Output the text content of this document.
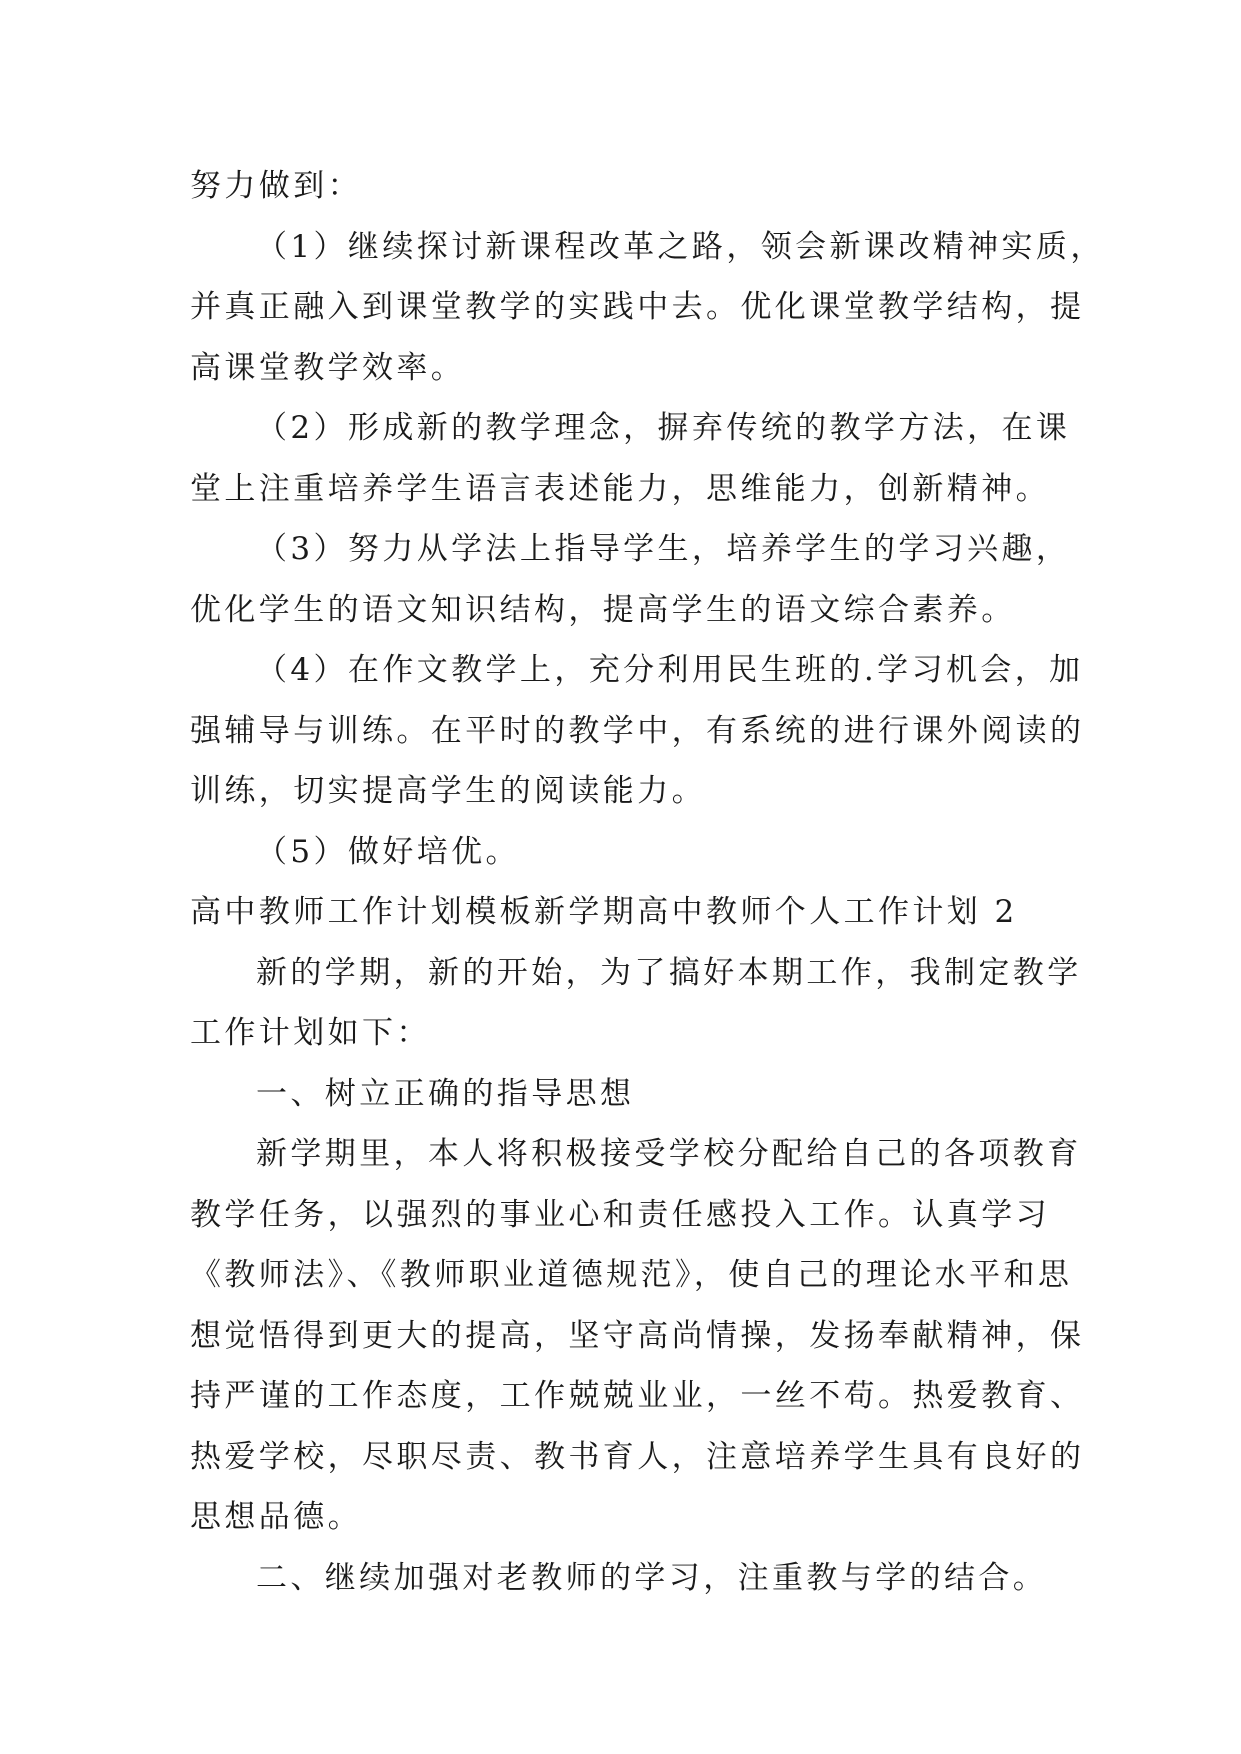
努力做到：
（1）继续探讨新课程改革之路，领会新课改精神实质，
并真正融入到课堂教学的实践中去。优化课堂教学结构，提
高课堂教学效率。
（2）形成新的教学理念，摒弃传统的教学方法，在课
堂上注重培养学生语言表述能力，思维能力，创新精神。
（3）努力从学法上指导学生，培养学生的学习兴趣，
优化学生的语文知识结构，提高学生的语文综合素养。
（4）在作文教学上，充分利用民生班的.学习机会，加
强辅导与训练。在平时的教学中，有系统的进行课外阅读的
训练，切实提高学生的阅读能力。
（5）做好培优。
高中教师工作计划模板新学期高中教师个人工作计划 2
新的学期，新的开始，为了搞好本期工作，我制定教学
工作计划如下：
一、树立正确的指导思想
新学期里，本人将积极接受学校分配给自己的各项教育
教学任务，以强烈的事业心和责任感投入工作。认真学习
《教师法》、《教师职业道德规范》，使自己的理论水平和思
想觉悟得到更大的提高，坚守高尚情操，发扬奉献精神，保
持严谨的工作态度，工作兢兢业业，一丝不苟。热爱教育、
热爱学校，尽职尽责、教书育人，注意培养学生具有良好的
思想品德。
二、继续加强对老教师的学习，注重教与学的结合。
